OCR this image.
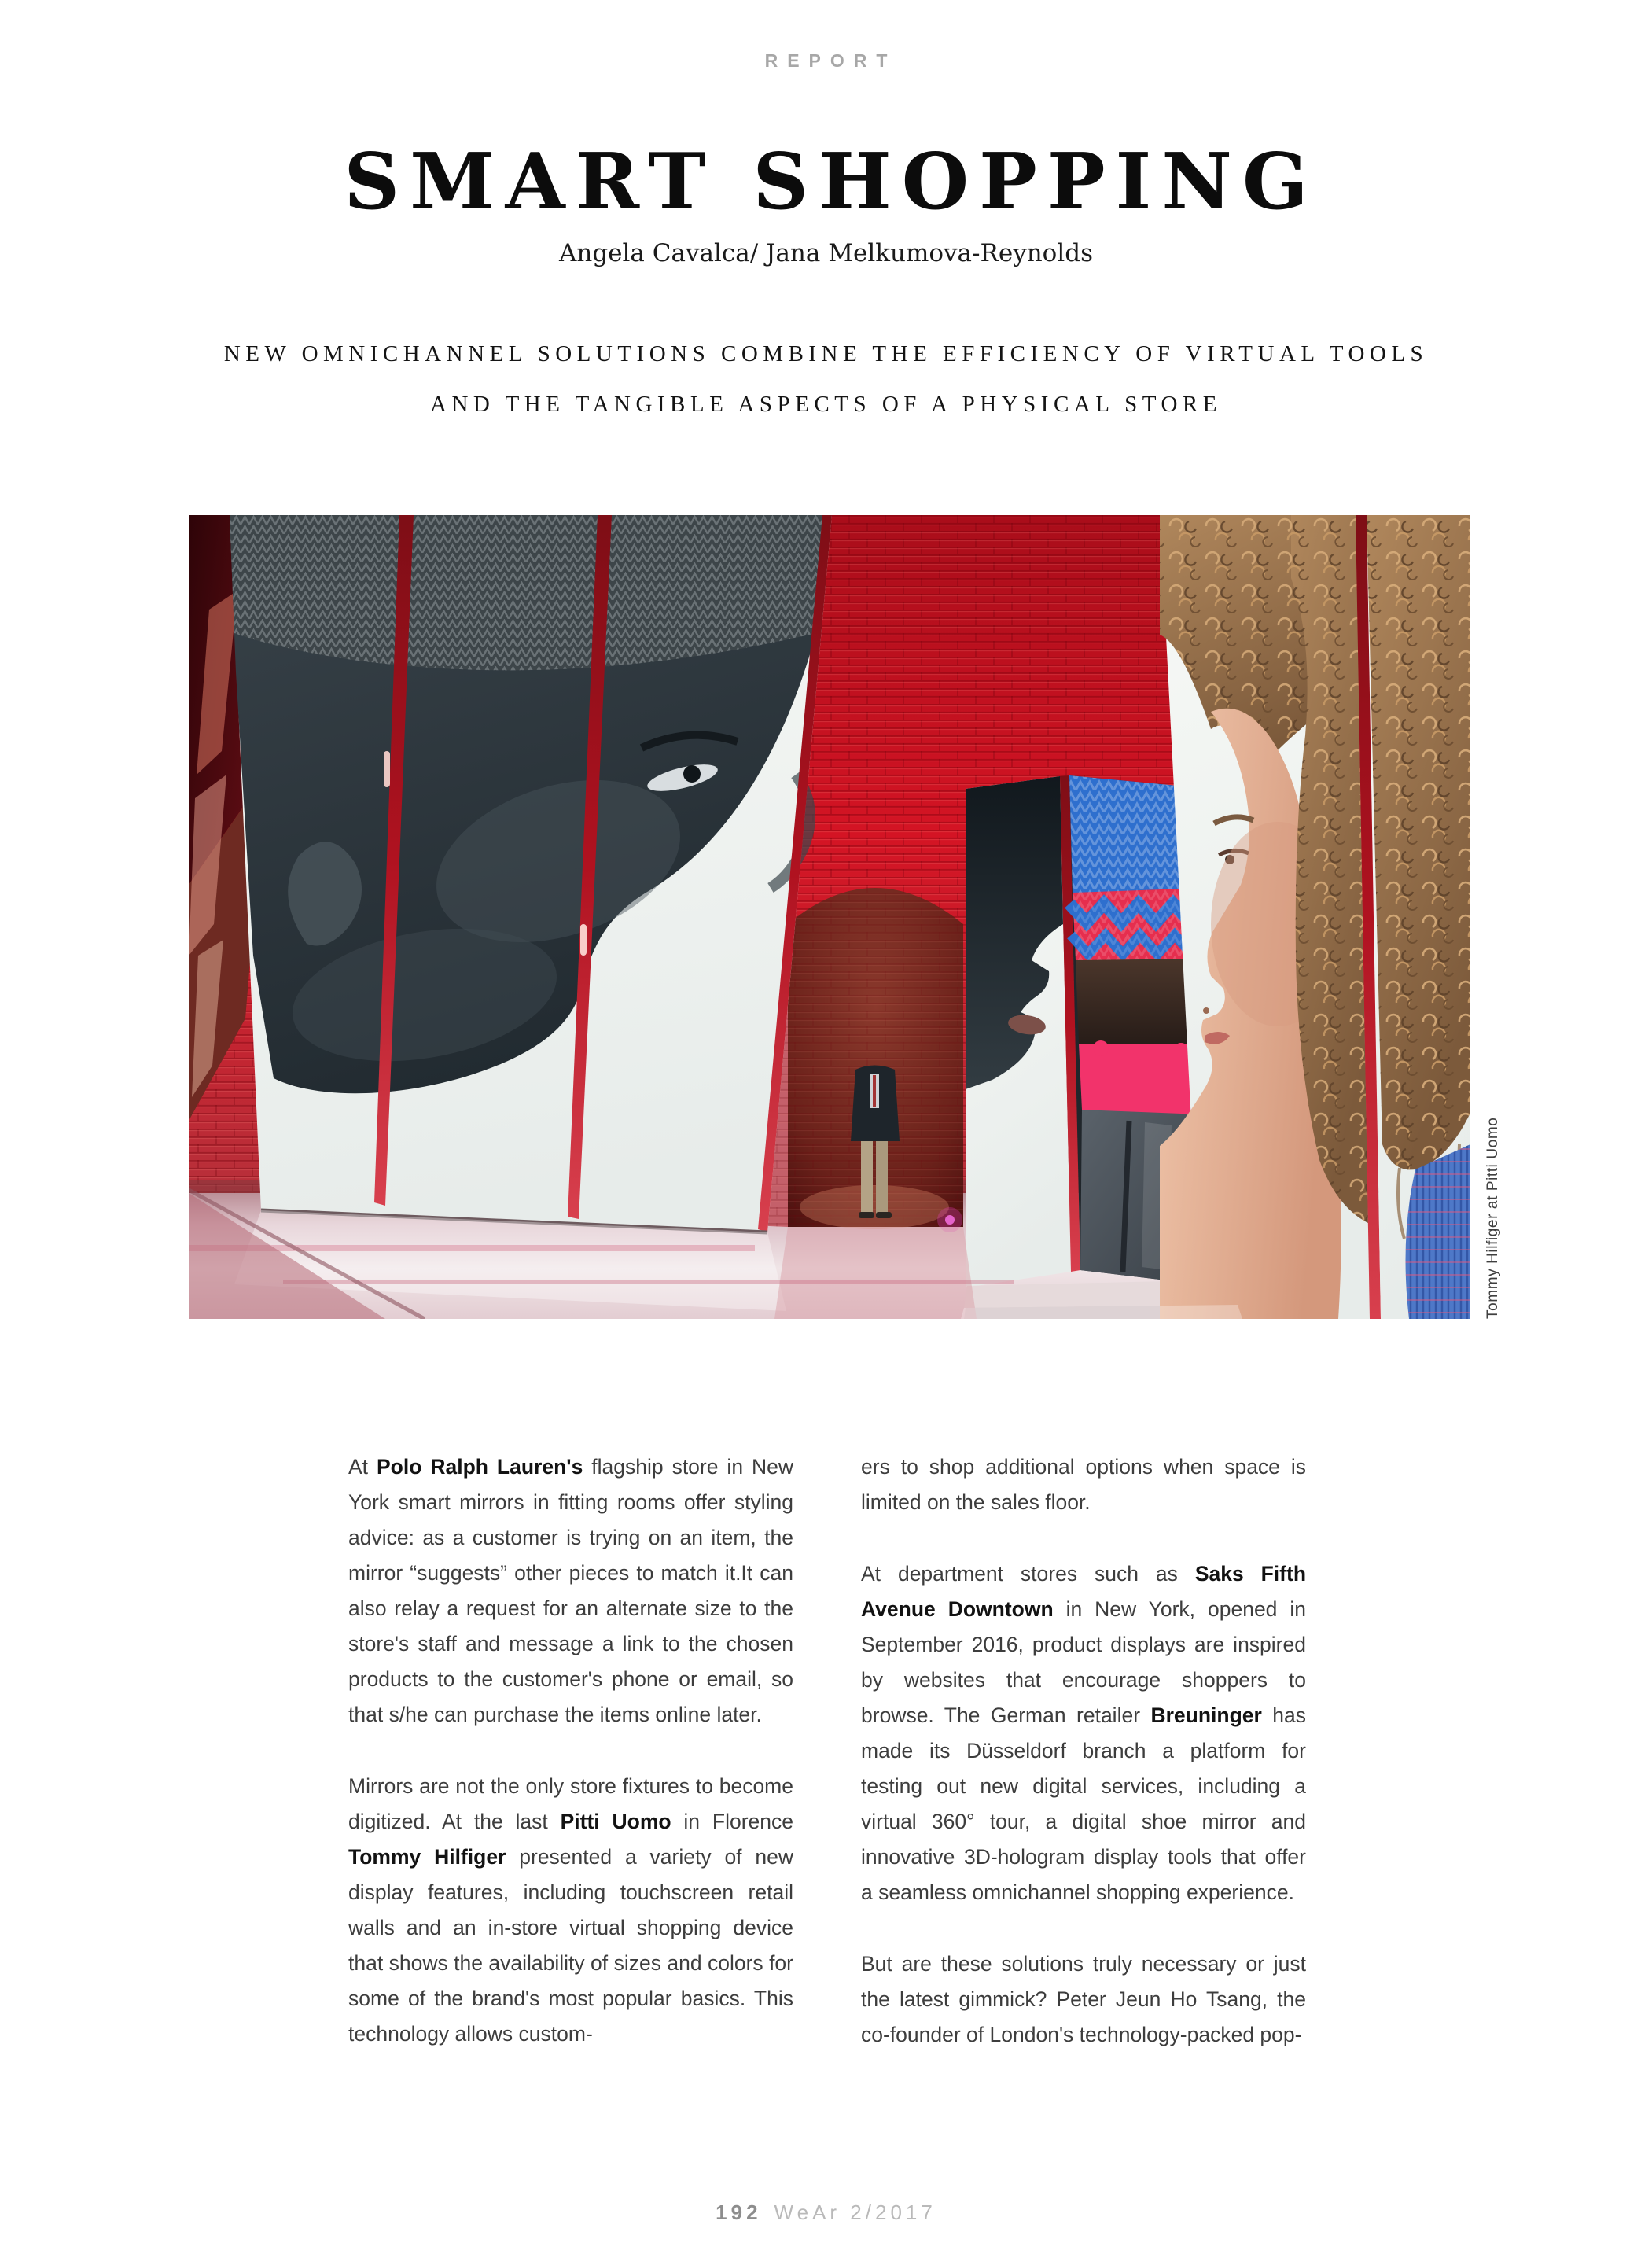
REPORT
SMART SHOPPING
Angela Cavalca/ Jana Melkumova-Reynolds
NEW OMNICHANNEL SOLUTIONS COMBINE THE EFFICIENCY OF VIRTUAL TOOLS
AND THE TANGIBLE ASPECTS OF A PHYSICAL STORE
Tommy Hilfiger at Pitti Uomo

At Polo Ralph Lauren's flagship store in New York smart mirrors in fitting rooms offer styling advice: as a customer is trying on an item, the mirror “suggests” other pieces to match it.It can also relay a request for an alternate size to the store's staff and message a link to the chosen products to the customer's phone or email, so that s/he can purchase the items online later.

Mirrors are not the only store fixtures to become digitized. At the last Pitti Uomo in Florence Tommy Hilfiger presented a variety of new display features, including touchscreen retail walls and an in-store virtual shopping device that shows the availability of sizes and colors for some of the brand's most popular basics. This technology allows custom-

ers to shop additional options when space is limited on the sales floor.

At department stores such as Saks Fifth Avenue Downtown in New York, opened in September 2016, product displays are inspired by websites that encourage shoppers to browse. The German retailer Breuninger has made its Düsseldorf branch a platform for testing out new digital services, including a virtual 360° tour, a digital shoe mirror and innovative 3D-hologram display tools that offer a seamless omnichannel shopping experience.

But are these solutions truly necessary or just the latest gimmick? Peter Jeun Ho Tsang, the co-founder of London's technology-packed pop-

192 WeAr 2/2017
